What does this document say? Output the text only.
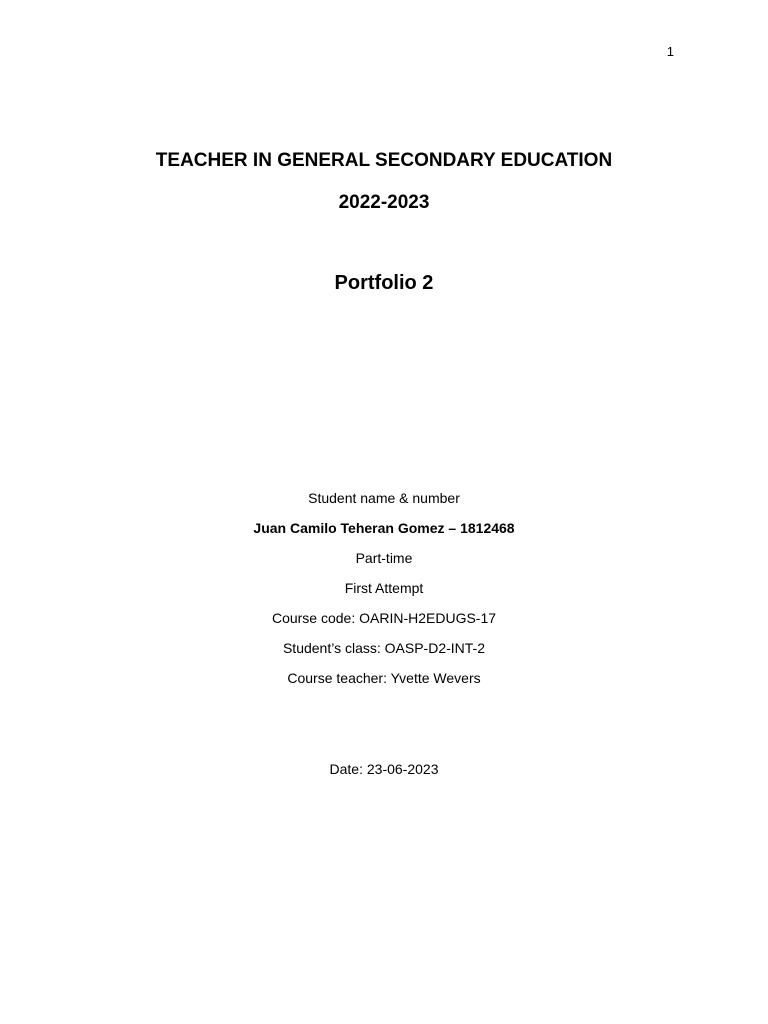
1
TEACHER IN GENERAL SECONDARY EDUCATION
2022-2023
Portfolio 2
Student name & number
Juan Camilo Teheran Gomez – 1812468
Part-time
First Attempt
Course code: OARIN-H2EDUGS-17
Student’s class: OASP-D2-INT-2
Course teacher: Yvette Wevers
Date: 23-06-2023
